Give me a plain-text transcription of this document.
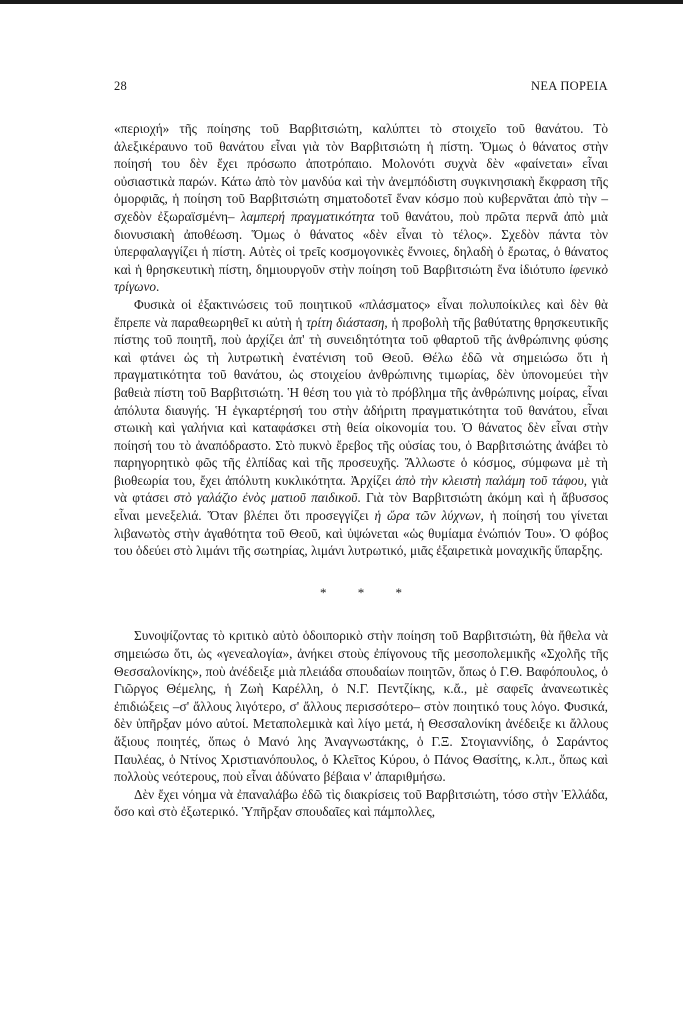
28	ΝΕΑ ΠΟΡΕΙΑ

«περιοχή» τῆς ποίησης τοῦ Βαρβιτσιώτη, καλύπτει τὸ στοιχεῖο τοῦ θανάτου. Τὸ ἀλεξικέραυνο τοῦ θανάτου εἶναι γιὰ τὸν Βαρβιτσιώτη ἡ πίστη. Ὅμως ὁ θάνατος στὴν ποίησή του δὲν ἔχει πρόσωπο ἀποτρόπαιο. Μολονότι συχνὰ δὲν «φαίνεται» εἶναι οὐσιαστικὰ παρών. Κάτω ἀπὸ τὸν μανδύα καὶ τὴν ἀνεμπόδιστη συγκινησιακὴ ἔκφραση τῆς ὁμορφιᾶς, ἡ ποίηση τοῦ Βαρβιτσιώτη σηματοδοτεῖ ἕναν κόσμο ποὺ κυβερνᾶται ἀπὸ τὴν –σχεδὸν ἐξωραϊσμένη– λαμπερή πραγματικότητα τοῦ θανάτου, ποὺ πρῶτα περνᾶ ἀπὸ μιὰ διονυσιακὴ ἀποθέωση. Ὅμως ὁ θάνατος «δὲν εἶναι τὸ τέλος». Σχεδὸν πάντα τὸν ὑπερφαλαγγίζει ἡ πίστη. Αὐτὲς οἱ τρεῖς κοσμογονικὲς ἔννοιες, δηλαδὴ ὁ ἔρωτας, ὁ θάνατος καὶ ἡ θρησκευτικὴ πίστη, δημιουργοῦν στὴν ποίηση τοῦ Βαρβιτσιώτη ἕνα ἰδιότυπο ἰφενικὸ τρίγωνο.

Φυσικὰ οἱ ἐξακτινώσεις τοῦ ποιητικοῦ «πλάσματος» εἶναι πολυποίκιλες καὶ δὲν θὰ ἔπρεπε νὰ παραθεωρηθεῖ κι αὐτὴ ἡ τρίτη διάσταση, ἡ προβολὴ τῆς βαθύτατης θρησκευτικῆς πίστης τοῦ ποιητῆ, ποὺ ἀρχίζει ἀπ' τὴ συνειδητότητα τοῦ φθαρτοῦ τῆς ἀνθρώπινης φύσης καὶ φτάνει ὡς τὴ λυτρωτικὴ ἐνατένιση τοῦ Θεοῦ. Θέλω ἐδῶ νὰ σημειώσω ὅτι ἡ πραγματικότητα τοῦ θανάτου, ὡς στοιχείου ἀνθρώπινης τιμωρίας, δὲν ὑπονομεύει τὴν βαθειὰ πίστη τοῦ Βαρβιτσιώτη. Ἡ θέση του γιὰ τὸ πρόβλημα τῆς ἀνθρώπινης μοίρας, εἶναι ἀπόλυτα διαυγής. Ἡ ἐγκαρτέρησή του στὴν ἀδήριτη πραγματικότητα τοῦ θανάτου, εἶναι στωικὴ καὶ γαλήνια καὶ καταφάσκει στὴ θεία οἰκονομία του. Ὁ θάνατος δὲν εἶναι στὴν ποίησή του τὸ ἀναπόδραστο. Στὸ πυκνὸ ἔρεβος τῆς οὐσίας του, ὁ Βαρβιτσιώτης ἀνάβει τὸ παρηγορητικὸ φῶς τῆς ἐλπίδας καὶ τῆς προσευχῆς. Ἄλλωστε ὁ κόσμος, σύμφωνα μὲ τὴ βιοθεωρία του, ἔχει ἀπόλυτη κυκλικότητα. Ἀρχίζει ἀπὸ τὴν κλειστὴ παλάμη τοῦ τάφου, γιὰ νὰ φτάσει στὸ γαλάζιο ἐνὸς ματιοῦ παιδικοῦ. Γιὰ τὸν Βαρβιτσιώτη ἀκόμη καὶ ἡ ἄβυσσος εἶναι μενεξελιά. Ὅταν βλέπει ὅτι προσεγγίζει ἡ ὥρα τῶν λύχνων, ἡ ποίησή του γίνεται λιβανωτὸς στὴν ἀγαθότητα τοῦ Θεοῦ, καὶ ὑψώνεται «ὡς θυμίαμα ἐνώπιόν Του». Ὁ φόβος του ὁδεύει στὸ λιμάνι τῆς σωτηρίας, λιμάνι λυτρωτικό, μιᾶς ἐξαιρετικὰ μοναχικῆς ὕπαρξης.

* * *

Συνοψίζοντας τὸ κριτικὸ αὐτὸ ὁδοιπορικὸ στὴν ποίηση τοῦ Βαρβιτσιώτη, θὰ ἤθελα νὰ σημειώσω ὅτι, ὡς «γενεαλογία», ἀνήκει στοὺς ἐπίγονους τῆς μεσοπολεμικῆς «Σχολῆς τῆς Θεσσαλονίκης», ποὺ ἀνέδειξε μιὰ πλειάδα σπουδαίων ποιητῶν, ὅπως ὁ Γ.Θ. Βαφόπουλος, ὁ Γιῶργος Θέμελης, ἡ Ζωὴ Καρέλλη, ὁ Ν.Γ. Πεντζίκης, κ.ἄ., μὲ σαφεῖς ἀνανεωτικὲς ἐπιδιώξεις –σ' ἄλλους λιγότερο, σ' ἄλλους περισσότερο– στὸν ποιητικό τους λόγο. Φυσικά, δὲν ὑπῆρξαν μόνο αὐτοί. Μεταπολεμικὰ καὶ λίγο μετά, ἡ Θεσσαλονίκη ἀνέδειξε κι ἄλλους ἄξιους ποιητές, ὅπως ὁ Μανό λης Ἀναγνωστάκης, ὁ Γ.Ξ. Στογιαννίδης, ὁ Σαράντος Παυλέας, ὁ Ντίνος Χριστιανόπουλος, ὁ Κλεῖτος Κύρου, ὁ Πάνος Θασίτης, κ.λπ., ὅπως καὶ πολλοὺς νεότερους, ποὺ εἶναι ἀδύνατο βέβαια ν' ἀπαριθμήσω.

Δὲν ἔχει νόημα νὰ ἐπαναλάβω ἐδῶ τὶς διακρίσεις τοῦ Βαρβιτσιώτη, τόσο στὴν Ἑλλάδα, ὅσο καὶ στὸ ἐξωτερικό. Ὑπῆρξαν σπουδαῖες καὶ πάμπολλες,
